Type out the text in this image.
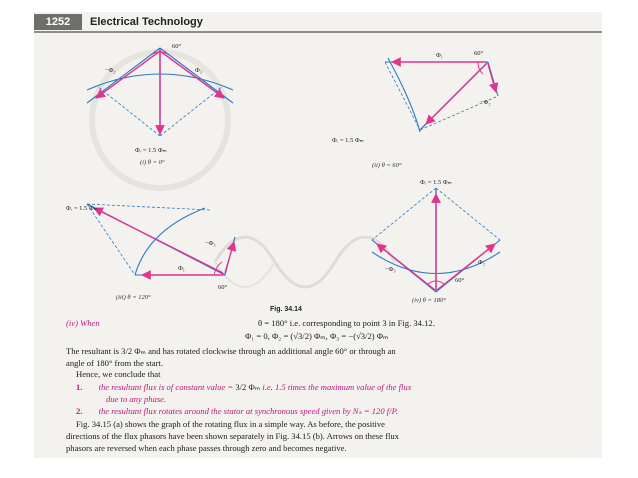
1252	Electrical Technology
60°
−Φ₂	Φ₃
Φᵣ = 1.5 Φₘ
(i) θ = 0°
60°
Φ₁
−Φ₂
Φᵣ = 1.5 Φₘ
(ii) θ = 60°
Φᵣ = 1.5 Φₘ
−Φ₃
Φ₁
60°
(iii) θ = 120°
Φᵣ = 1.5 Φₘ
−Φ₃
Φ₂
60°
(iv) θ = 180°
Fig. 34.14
(iv) When	θ = 180° i.e. corresponding to point 3 in Fig. 34.12.
Φ₁ = 0, Φ₂ = (√3/2) Φₘ, Φ₃ = −(√3/2) Φₘ
The resultant is 3/2 Φₘ and has rotated clockwise through an additional angle 60° or through an
angle of 180° from the start.
Hence, we conclude that
1. the resultant flux is of constant value = 3/2 Φₘ i.e. 1.5 times the maximum value of the flux
due to any phase.
2. the resultant flux rotates around the stator at synchronous speed given by Nₛ = 120 f/P.
Fig. 34.15 (a) shows the graph of the rotating flux in a simple way. As before, the positive
directions of the flux phasors have been shown separately in Fig. 34.15 (b). Arrows on these flux
phasors are reversed when each phase passes through zero and becomes negative.
